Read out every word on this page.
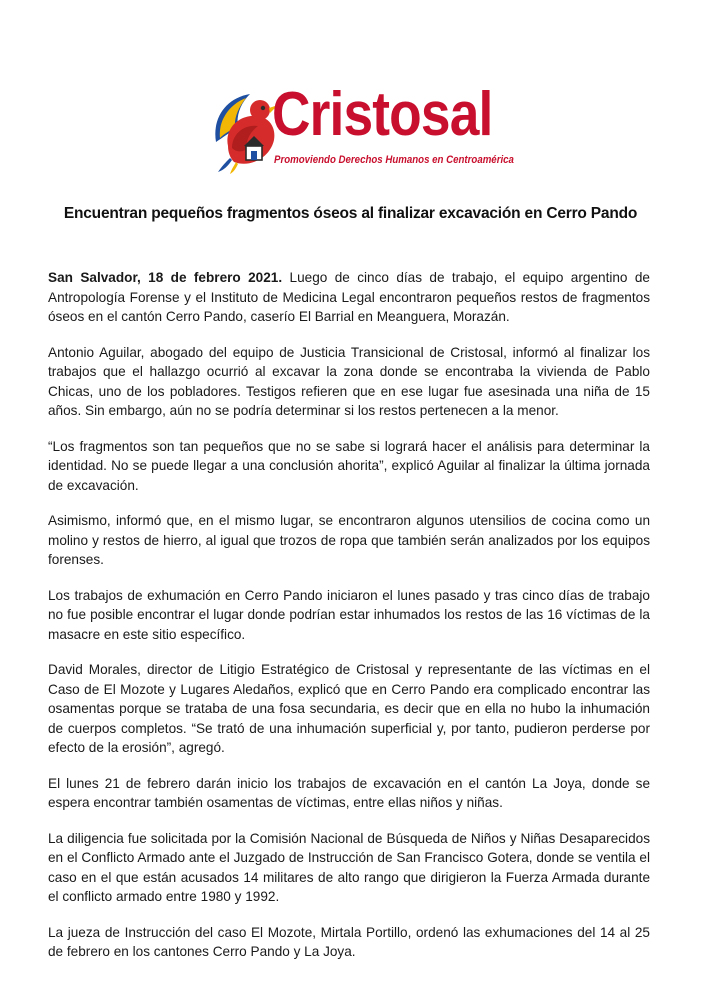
Cristosal
Promoviendo Derechos Humanos en Centroamérica
Encuentran pequeños fragmentos óseos al finalizar excavación en Cerro Pando

San Salvador, 18 de febrero 2021. Luego de cinco días de trabajo, el equipo argentino de Antropología Forense y el Instituto de Medicina Legal encontraron pequeños restos de fragmentos óseos en el cantón Cerro Pando, caserío El Barrial en Meanguera, Morazán.

Antonio Aguilar, abogado del equipo de Justicia Transicional de Cristosal, informó al finalizar los trabajos que el hallazgo ocurrió al excavar la zona donde se encontraba la vivienda de Pablo Chicas, uno de los pobladores. Testigos refieren que en ese lugar fue asesinada una niña de 15 años. Sin embargo, aún no se podría determinar si los restos pertenecen a la menor.

“Los fragmentos son tan pequeños que no se sabe si logrará hacer el análisis para determinar la identidad. No se puede llegar a una conclusión ahorita”, explicó Aguilar al finalizar la última jornada de excavación.

Asimismo, informó que, en el mismo lugar, se encontraron algunos utensilios de cocina como un molino y restos de hierro, al igual que trozos de ropa que también serán analizados por los equipos forenses.

Los trabajos de exhumación en Cerro Pando iniciaron el lunes pasado y tras cinco días de trabajo no fue posible encontrar el lugar donde podrían estar inhumados los restos de las 16 víctimas de la masacre en este sitio específico.

David Morales, director de Litigio Estratégico de Cristosal y representante de las víctimas en el Caso de El Mozote y Lugares Aledaños, explicó que en Cerro Pando era complicado encontrar las osamentas porque se trataba de una fosa secundaria, es decir que en ella no hubo la inhumación de cuerpos completos. “Se trató de una inhumación superficial y, por tanto, pudieron perderse por efecto de la erosión”, agregó.

El lunes 21 de febrero darán inicio los trabajos de excavación en el cantón La Joya, donde se espera encontrar también osamentas de víctimas, entre ellas niños y niñas.

La diligencia fue solicitada por la Comisión Nacional de Búsqueda de Niños y Niñas Desaparecidos en el Conflicto Armado ante el Juzgado de Instrucción de San Francisco Gotera, donde se ventila el caso en el que están acusados 14 militares de alto rango que dirigieron la Fuerza Armada durante el conflicto armado entre 1980 y 1992.

La jueza de Instrucción del caso El Mozote, Mirtala Portillo, ordenó las exhumaciones del 14 al 25 de febrero en los cantones Cerro Pando y La Joya.
